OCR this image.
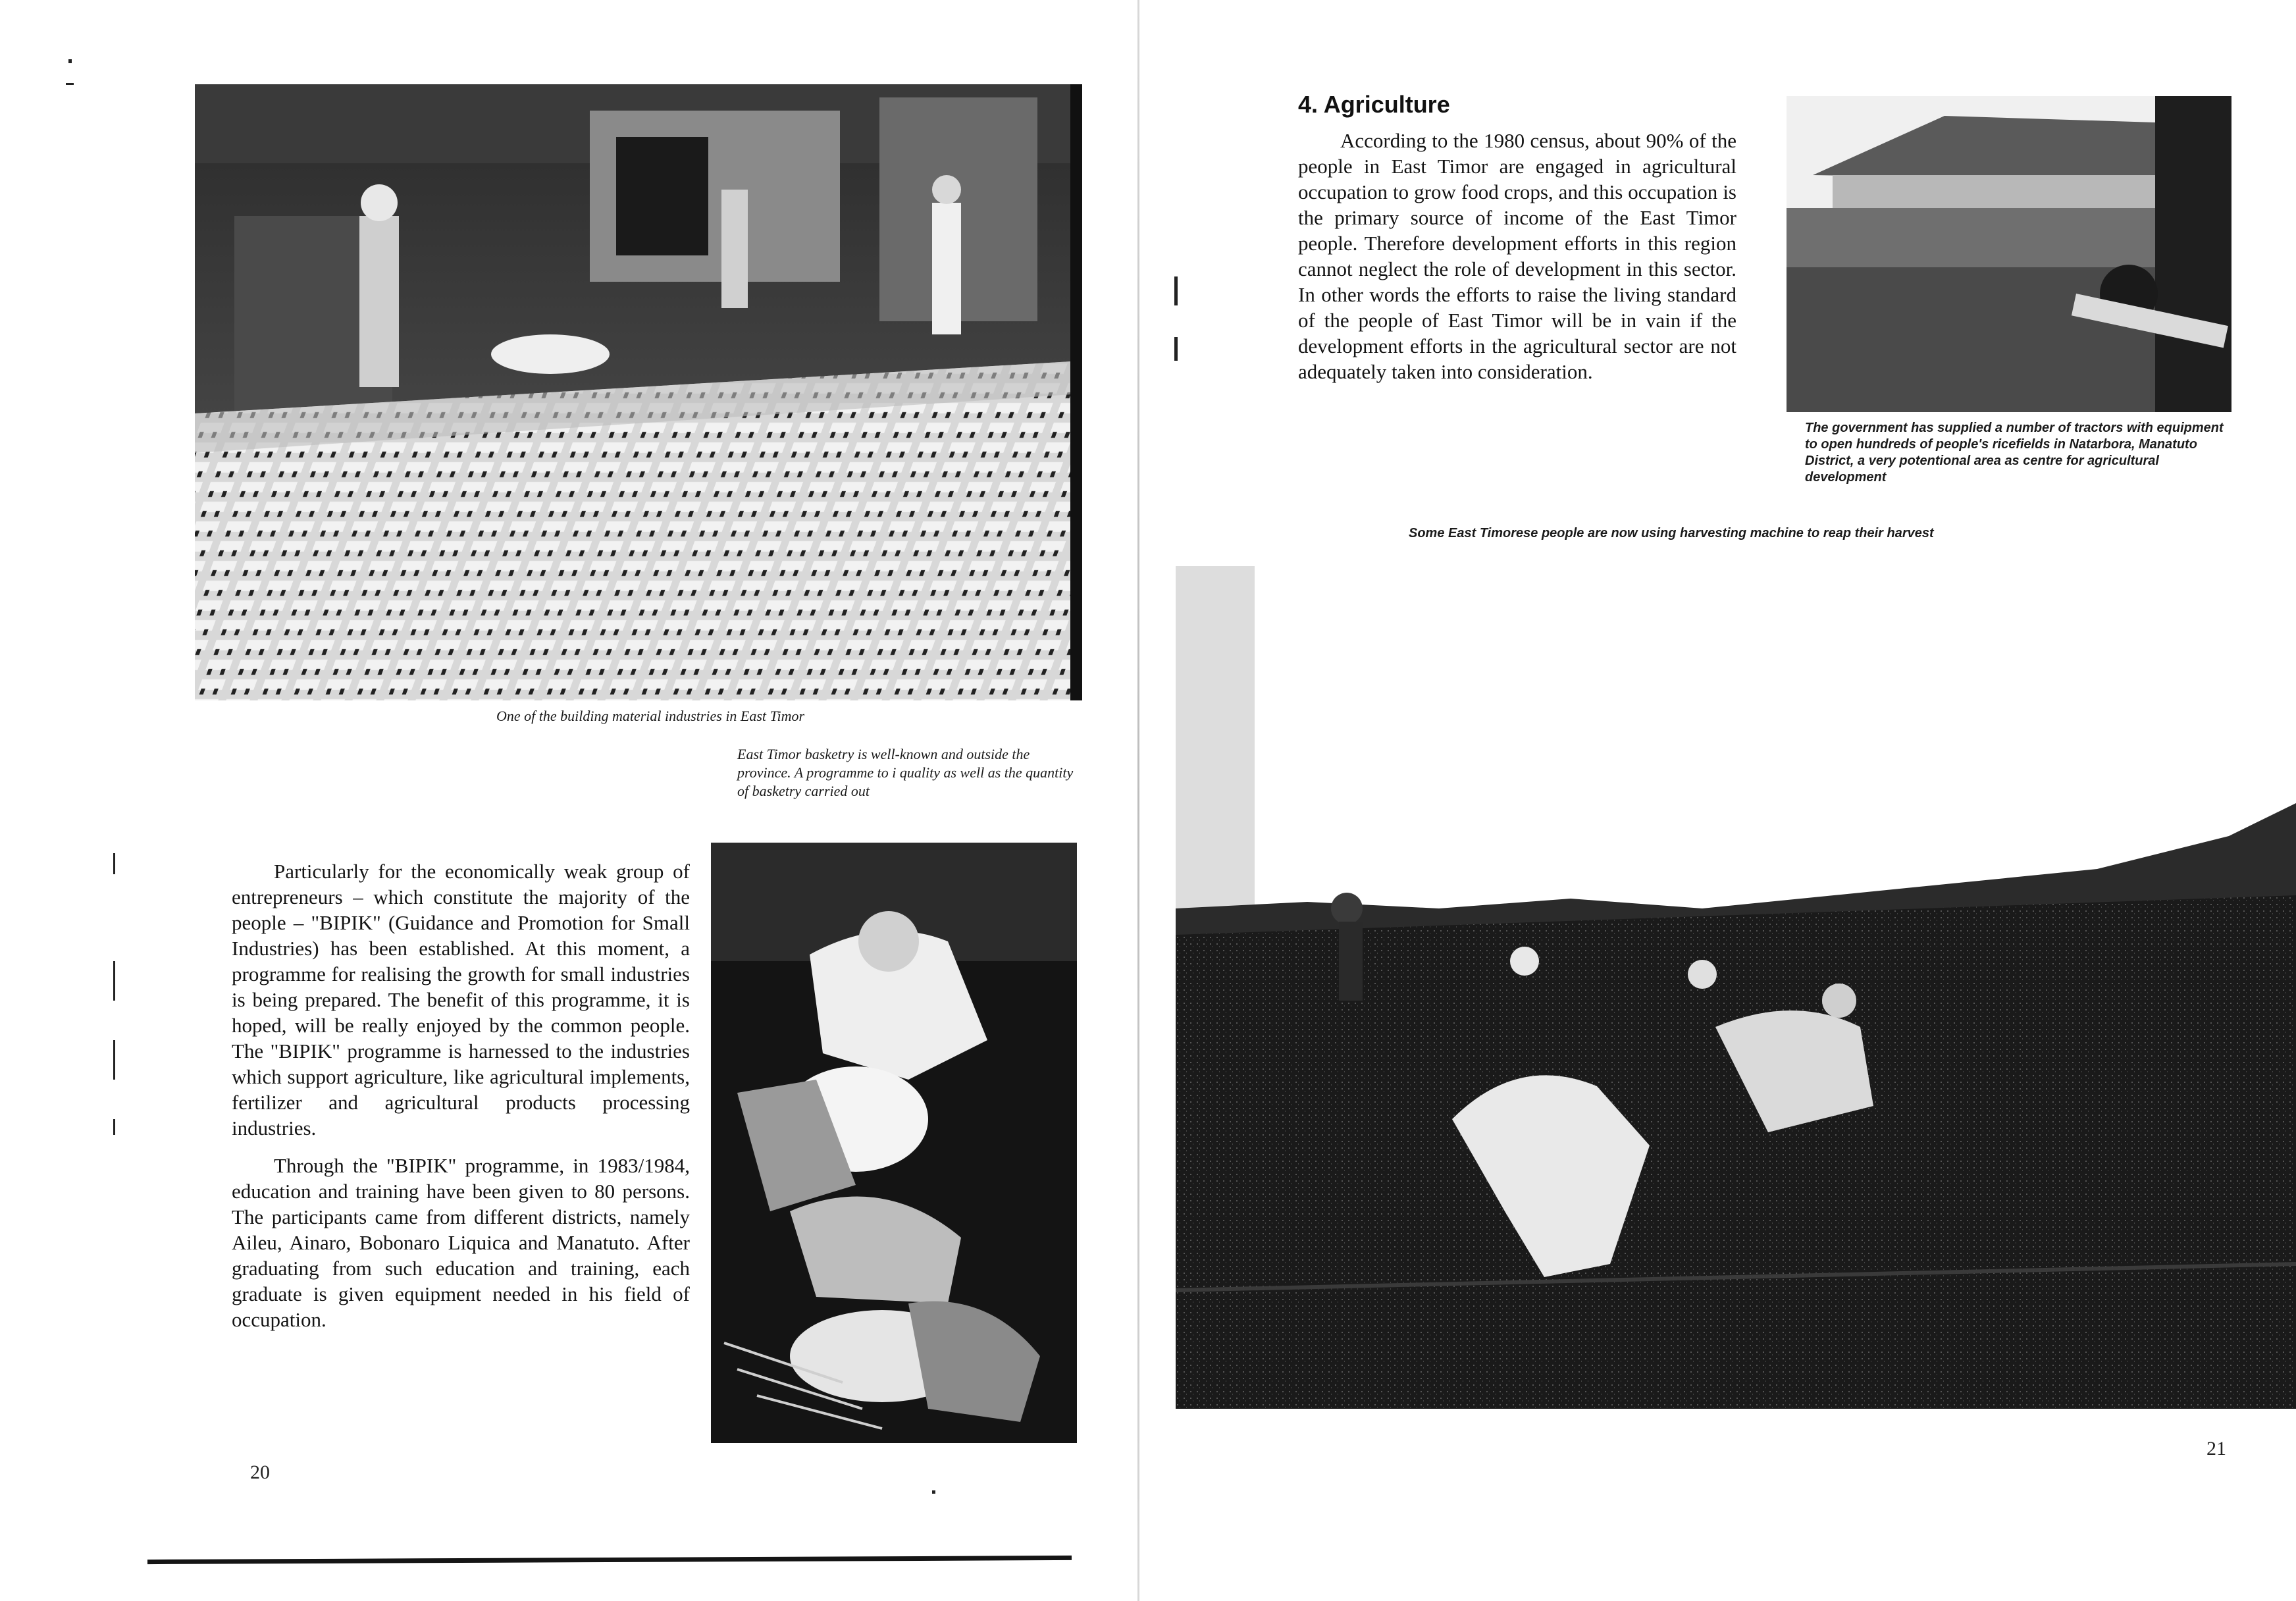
One of the building material industries in East Timor
East Timor basketry is well-known and outside the province. A programme to i quality as well as the quantity of basketry carried out

Particularly for the economically weak group of entrepreneurs – which constitute the majority of the people – "BIPIK" (Guidance and Promotion for Small Industries) has been established. At this moment, a programme for realising the growth for small industries is being prepared. The benefit of this programme, it is hoped, will be really enjoyed by the common people. The "BIPIK" programme is harnessed to the industries which support agriculture, like agricultural implements, fertilizer and agricultural products processing industries.

Through the "BIPIK" programme, in 1983/1984, education and training have been given to 80 persons. The participants came from different districts, namely Aileu, Ainaro, Bobonaro Liquica and Manatuto. After graduating from such education and training, each graduate is given equipment needed in his field of occupation.

20
4. Agriculture

According to the 1980 census, about 90% of the people in East Timor are engaged in agricultural occupation to grow food crops, and this occupation is the primary source of income of the East Timor people. Therefore development efforts in this region cannot neglect the role of development in this sector. In other words the efforts to raise the living standard of the people of East Timor will be in vain if the development efforts in the agricultural sector are not adequately taken into consideration.

The government has supplied a number of tractors with equipment to open hundreds of people's ricefields in Natarbora, Manatuto District, a very potentional area as centre for agricultural development
Some East Timorese people are now using harvesting machine to reap their harvest
21
